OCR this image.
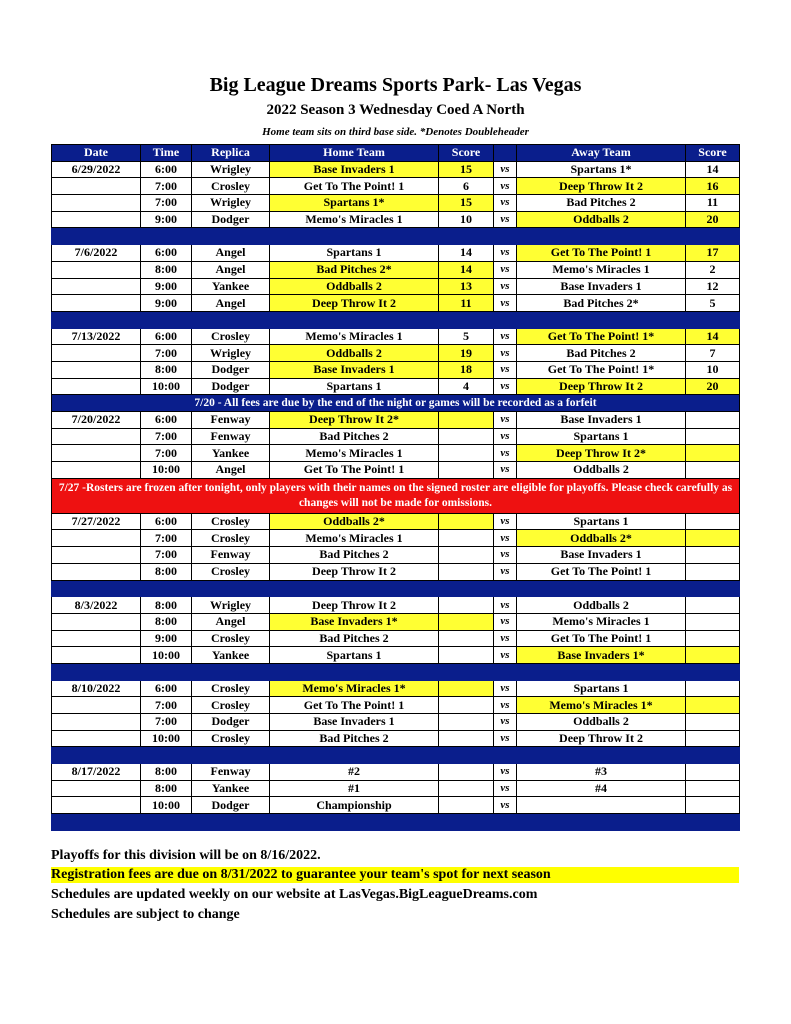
Big League Dreams Sports Park- Las Vegas
2022 Season 3 Wednesday Coed A North
Home team sits on third base side. *Denotes Doubleheader
Date	Time	Replica	Home Team	Score		Away Team	Score
6/29/2022	6:00	Wrigley	Base Invaders 1	15	vs	Spartans 1*	14
	7:00	Crosley	Get To The Point! 1	6	vs	Deep Throw It 2	16
	7:00	Wrigley	Spartans 1*	15	vs	Bad Pitches 2	11
	9:00	Dodger	Memo's Miracles 1	10	vs	Oddballs 2	20

7/6/2022	6:00	Angel	Spartans 1	14	vs	Get To The Point! 1	17
	8:00	Angel	Bad Pitches 2*	14	vs	Memo's Miracles 1	2
	9:00	Yankee	Oddballs 2	13	vs	Base Invaders 1	12
	9:00	Angel	Deep Throw It 2	11	vs	Bad Pitches 2*	5

7/13/2022	6:00	Crosley	Memo's Miracles 1	5	vs	Get To The Point! 1*	14
	7:00	Wrigley	Oddballs 2	19	vs	Bad Pitches 2	7
	8:00	Dodger	Base Invaders 1	18	vs	Get To The Point! 1*	10
	10:00	Dodger	Spartans 1	4	vs	Deep Throw It 2	20
7/20 - All fees are due by the end of the night or games will be recorded as a forfeit							
7/20/2022	6:00	Fenway	Deep Throw It 2*		vs	Base Invaders 1	
	7:00	Fenway	Bad Pitches 2		vs	Spartans 1	
	7:00	Yankee	Memo's Miracles 1		vs	Deep Throw It 2*	
	10:00	Angel	Get To The Point! 1		vs	Oddballs 2	
7/27 -Rosters are frozen after tonight, only players with their names on the signed roster are eligible for playoffs. Please check carefully as changes will not be made for omissions.							
7/27/2022	6:00	Crosley	Oddballs 2*		vs	Spartans 1	
	7:00	Crosley	Memo's Miracles 1		vs	Oddballs 2*	
	7:00	Fenway	Bad Pitches 2		vs	Base Invaders 1	
	8:00	Crosley	Deep Throw It 2		vs	Get To The Point! 1	

8/3/2022	8:00	Wrigley	Deep Throw It 2		vs	Oddballs 2	
	8:00	Angel	Base Invaders 1*		vs	Memo's Miracles 1	
	9:00	Crosley	Bad Pitches 2		vs	Get To The Point! 1	
	10:00	Yankee	Spartans 1		vs	Base Invaders 1*	

8/10/2022	6:00	Crosley	Memo's Miracles 1*		vs	Spartans 1	
	7:00	Crosley	Get To The Point! 1		vs	Memo's Miracles 1*	
	7:00	Dodger	Base Invaders 1		vs	Oddballs 2	
	10:00	Crosley	Bad Pitches 2		vs	Deep Throw It 2	

8/17/2022	8:00	Fenway	#2		vs	#3	
	8:00	Yankee	#1		vs	#4	
	10:00	Dodger	Championship		vs		

Playoffs for this division will be on 8/16/2022.
Registration fees are due on 8/31/2022 to guarantee your team's spot for next season
Schedules are updated weekly on our website at LasVegas.BigLeagueDreams.com
Schedules are subject to change
